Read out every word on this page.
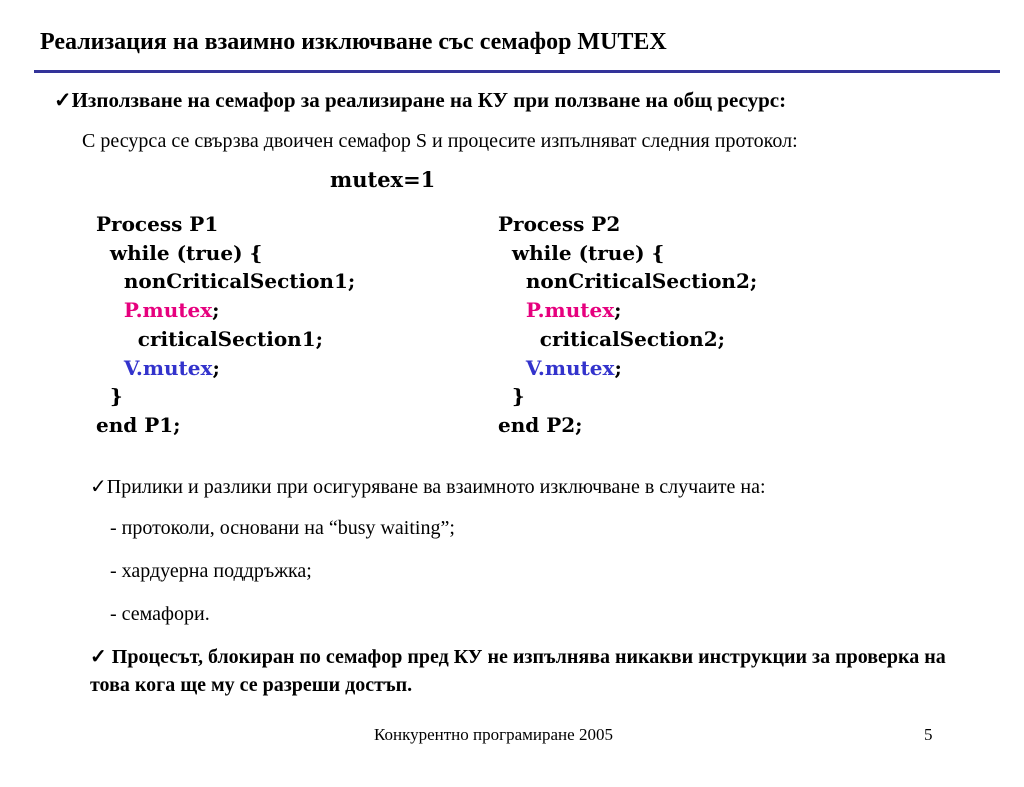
Реализация на взаимно изключване със семафор MUTEX
✓Използване на семафор за реализиране на КУ при ползване на общ ресурс:
С ресурса се свързва двоичен семафор S и процесите изпълняват следния протокол:
mutex=1
Process P1
while (true) {
nonCriticalSection1;
P.mutex;
criticalSection1;
V.mutex;
}
end P1;
Process P2
while (true) {
nonCriticalSection2;
P.mutex;
criticalSection2;
V.mutex;
}
end P2;
✓Прилики и разлики при осигуряване ва взаимното изключване в случаите на:
- протоколи, основани на “busy waiting”;
- хардуерна поддръжка;
- семафори.
✓ Процесът, блокиран по семафор пред КУ не изпълнява никакви инструкции за проверка на това кога ще му се разреши достъп.
Конкурентно програмиране 2005	5
